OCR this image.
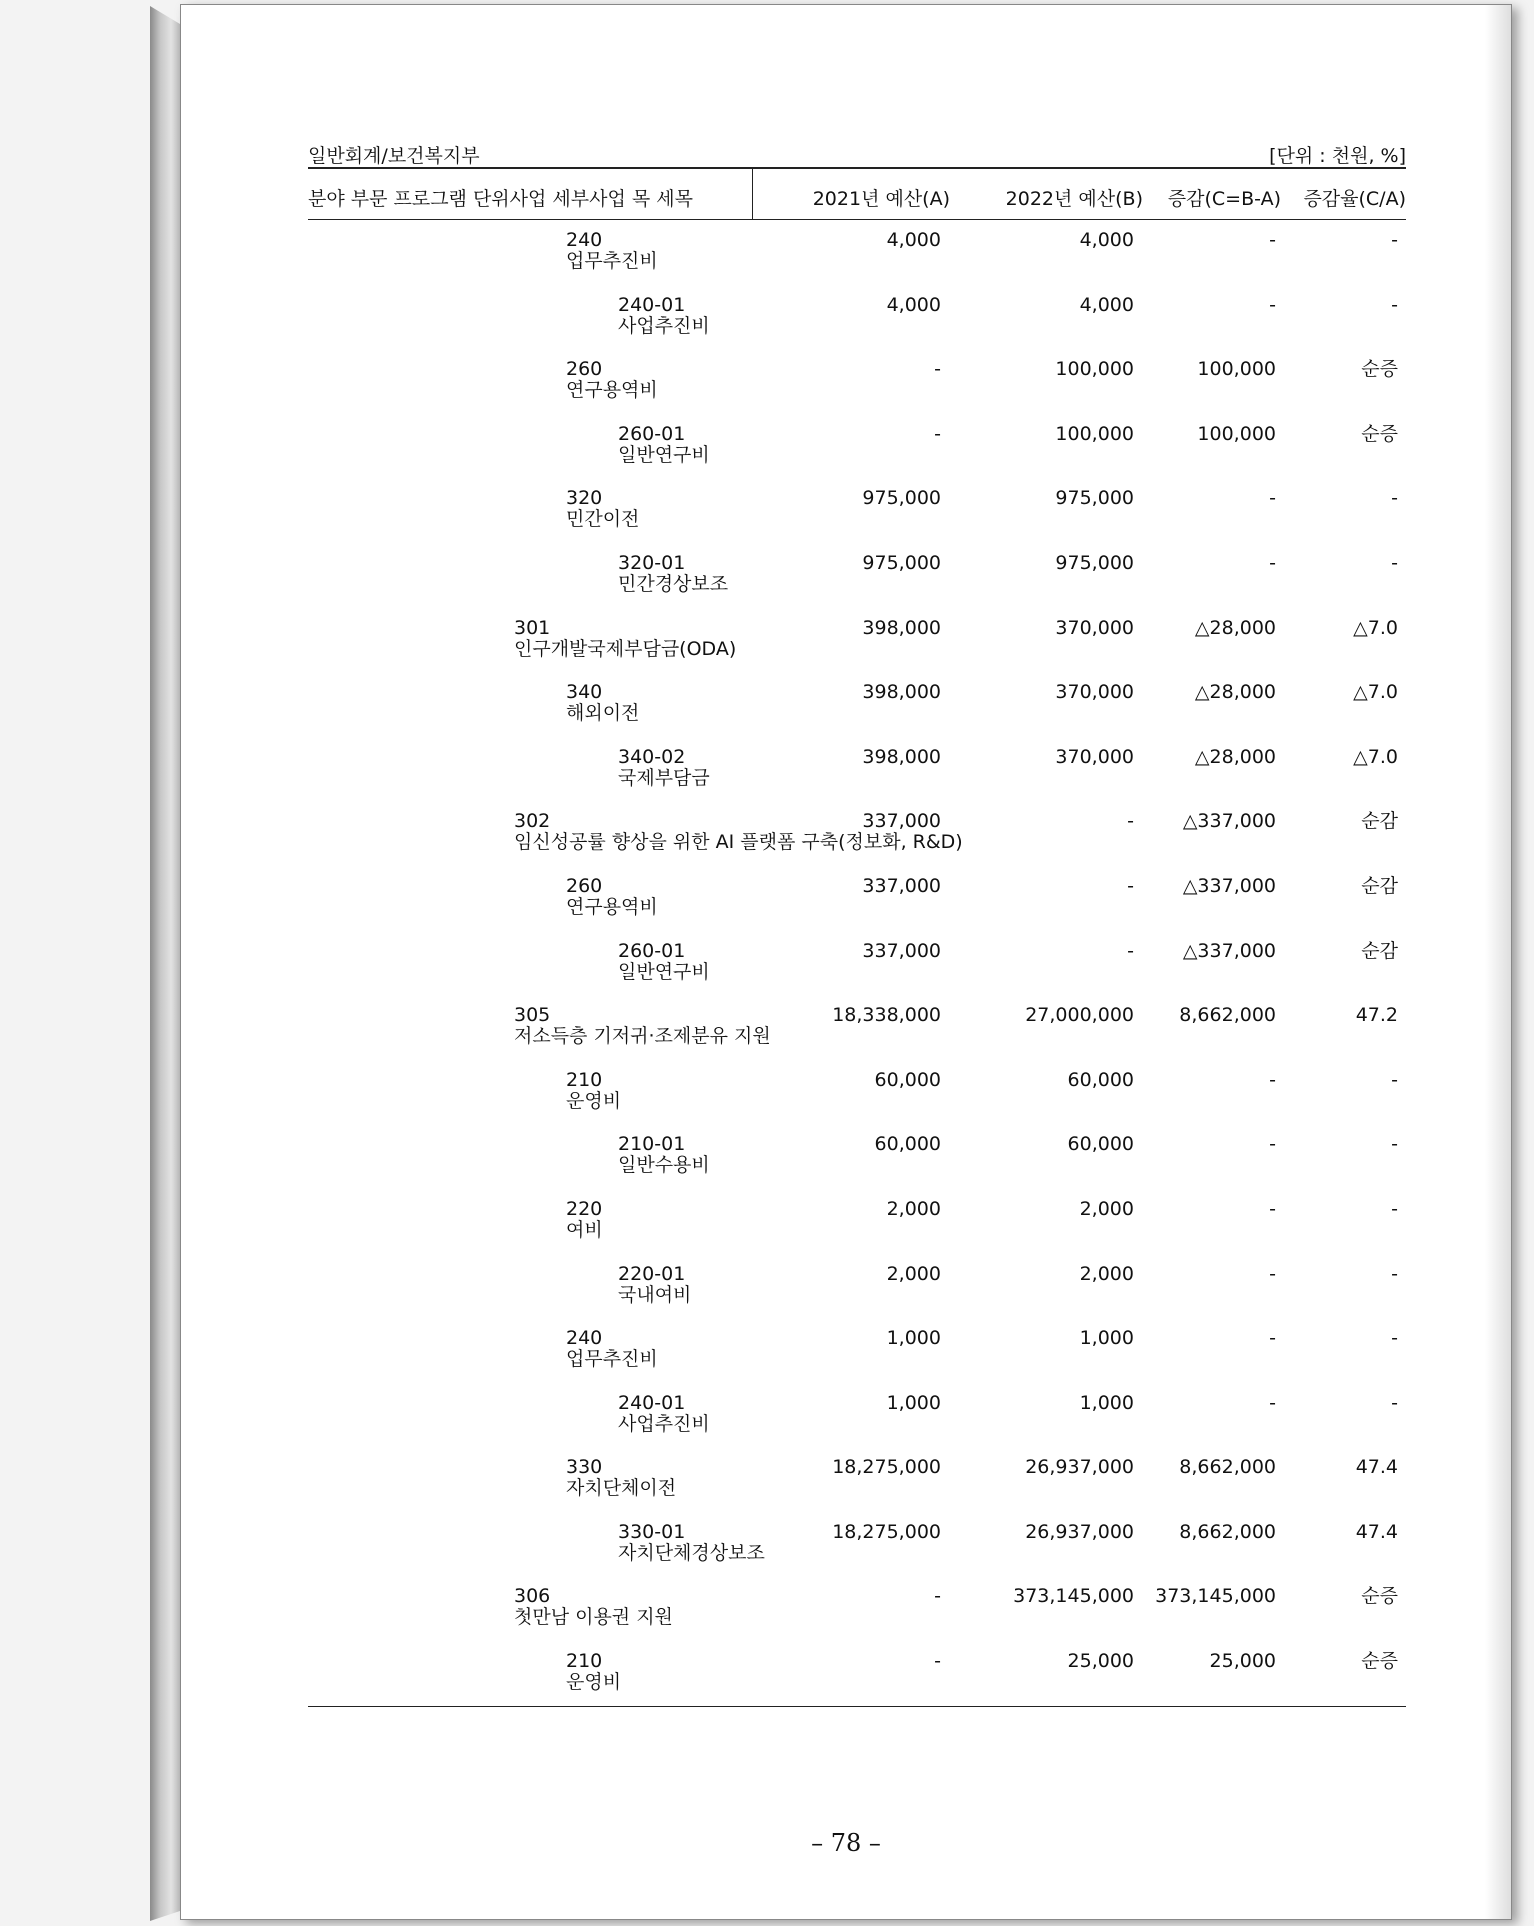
일반회계/보건복지부	[단위 : 천원, %]
분야 부문 프로그램 단위사업 세부사업 목 세목	2021년 예산(A)	2022년 예산(B) 증감(C=B-A) 증감율(C/A)
240
업무추진비
4,000	4,000	-	-
240-01
사업추진비
4,000	4,000	-	-
260
연구용역비
-	100,000	100,000	순증
260-01
일반연구비
-	100,000	100,000	순증
320
민간이전
975,000	975,000	-	-
320-01
민간경상보조
975,000	975,000	-	-
301
인구개발국제부담금(ODA)
398,000	370,000	△28,000	△7.0
340
해외이전
398,000	370,000	△28,000	△7.0
340-02
국제부담금
398,000	370,000	△28,000	△7.0
302
임신성공률 향상을 위한 AI 플랫폼 구축(정보화, R&D)
337,000	-	△337,000	순감
260
연구용역비
337,000	-	△337,000	순감
260-01
일반연구비
337,000	-	△337,000	순감
305
저소득층 기저귀·조제분유 지원
18,338,000	27,000,000 8,662,000	47.2
210
운영비
60,000	60,000	-	-
210-01
일반수용비
60,000	60,000	-	-
220
여비
2,000	2,000	-	-
220-01
국내여비
2,000	2,000	-	-
240
업무추진비
1,000	1,000	-	-
240-01
사업추진비
1,000	1,000	-	-
330
자치단체이전
18,275,000	26,937,000 8,662,000	47.4
330-01
자치단체경상보조
18,275,000	26,937,000 8,662,000	47.4
306
첫만남 이용권 지원
-	373,145,000 373,145,000	순증
210
운영비
-	25,000	25,000	순증
– 78 –
